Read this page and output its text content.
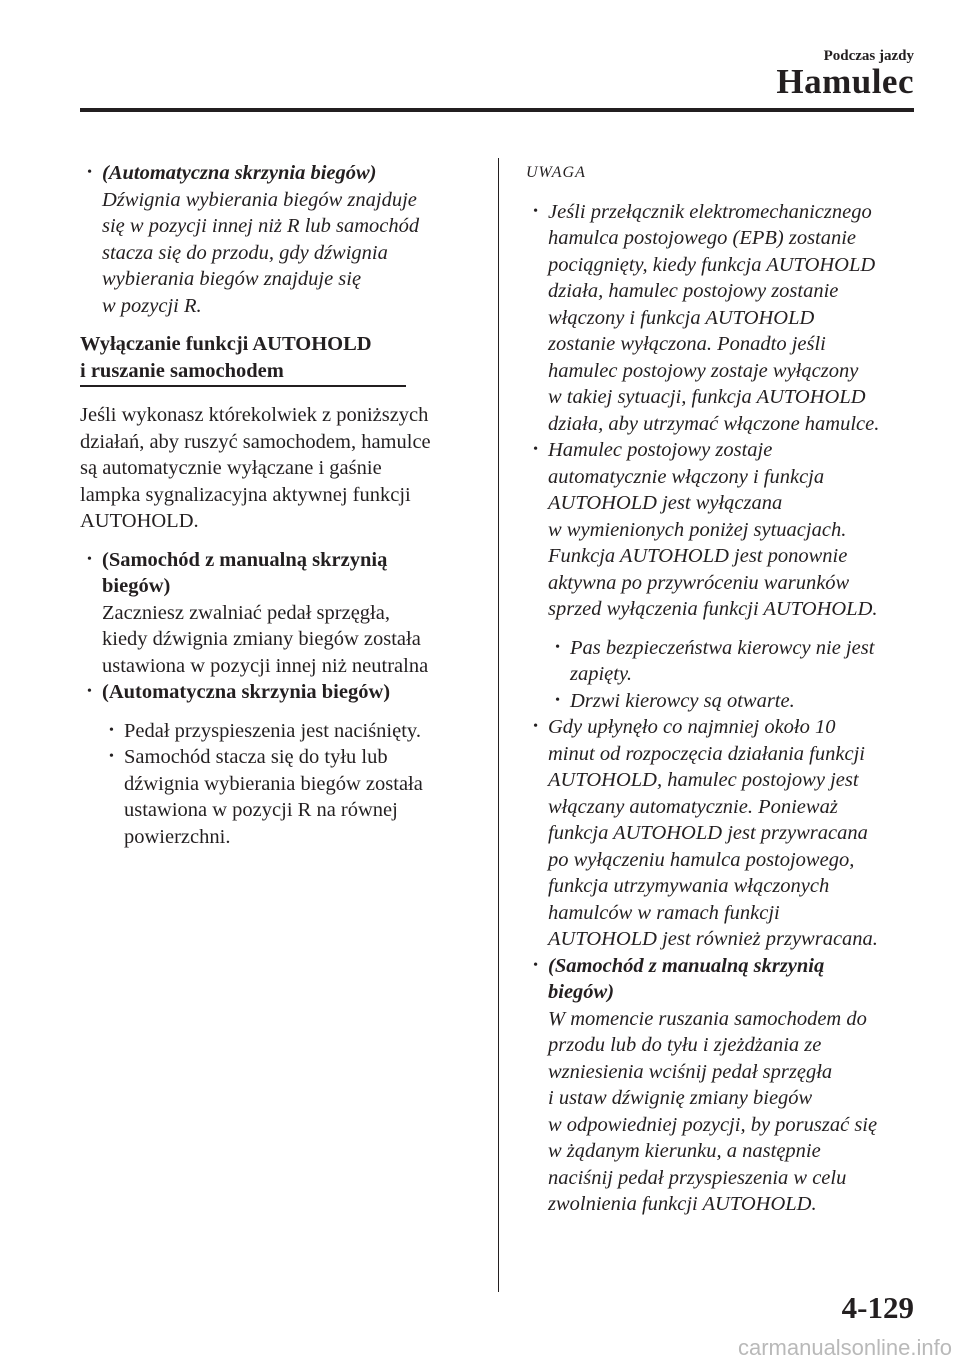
Podczas jazdy
Hamulec
• (Automatyczna skrzynia biegów)
Dźwignia wybierania biegów znajduje
się w pozycji innej niż R lub samochód
stacza się do przodu, gdy dźwignia
wybierania biegów znajduje się
w pozycji R.
Wyłączanie funkcji AUTOHOLD
i ruszanie samochodem
Jeśli wykonasz którekolwiek z poniższych
działań, aby ruszyć samochodem, hamulce
są automatycznie wyłączane i gaśnie
lampka sygnalizacyjna aktywnej funkcji
AUTOHOLD.
• (Samochód z manualną skrzynią
biegów)
Zaczniesz zwalniać pedał sprzęgła,
kiedy dźwignia zmiany biegów została
ustawiona w pozycji innej niż neutralna
• (Automatyczna skrzynia biegów)
• Pedał przyspieszenia jest naciśnięty.
• Samochód stacza się do tyłu lub
dźwignia wybierania biegów została
ustawiona w pozycji R na równej
powierzchni.
UWAGA
• Jeśli przełącznik elektromechanicznego
hamulca postojowego (EPB) zostanie
pociągnięty, kiedy funkcja AUTOHOLD
działa, hamulec postojowy zostanie
włączony i funkcja AUTOHOLD
zostanie wyłączona. Ponadto jeśli
hamulec postojowy zostaje wyłączony
w takiej sytuacji, funkcja AUTOHOLD
działa, aby utrzymać włączone hamulce.
• Hamulec postojowy zostaje
automatycznie włączony i funkcja
AUTOHOLD jest wyłączana
w wymienionych poniżej sytuacjach.
Funkcja AUTOHOLD jest ponownie
aktywna po przywróceniu warunków
sprzed wyłączenia funkcji AUTOHOLD.
• Pas bezpieczeństwa kierowcy nie jest
zapięty.
• Drzwi kierowcy są otwarte.
• Gdy upłynęło co najmniej około 10
minut od rozpoczęcia działania funkcji
AUTOHOLD, hamulec postojowy jest
włączany automatycznie. Ponieważ
funkcja AUTOHOLD jest przywracana
po wyłączeniu hamulca postojowego,
funkcja utrzymywania włączonych
hamulców w ramach funkcji
AUTOHOLD jest również przywracana.
• (Samochód z manualną skrzynią
biegów)
W momencie ruszania samochodem do
przodu lub do tyłu i zjeżdżania ze
wzniesienia wciśnij pedał sprzęgła
i ustaw dźwignię zmiany biegów
w odpowiedniej pozycji, by poruszać się
w żądanym kierunku, a następnie
naciśnij pedał przyspieszenia w celu
zwolnienia funkcji AUTOHOLD.
4-129
carmanualsonline.info
